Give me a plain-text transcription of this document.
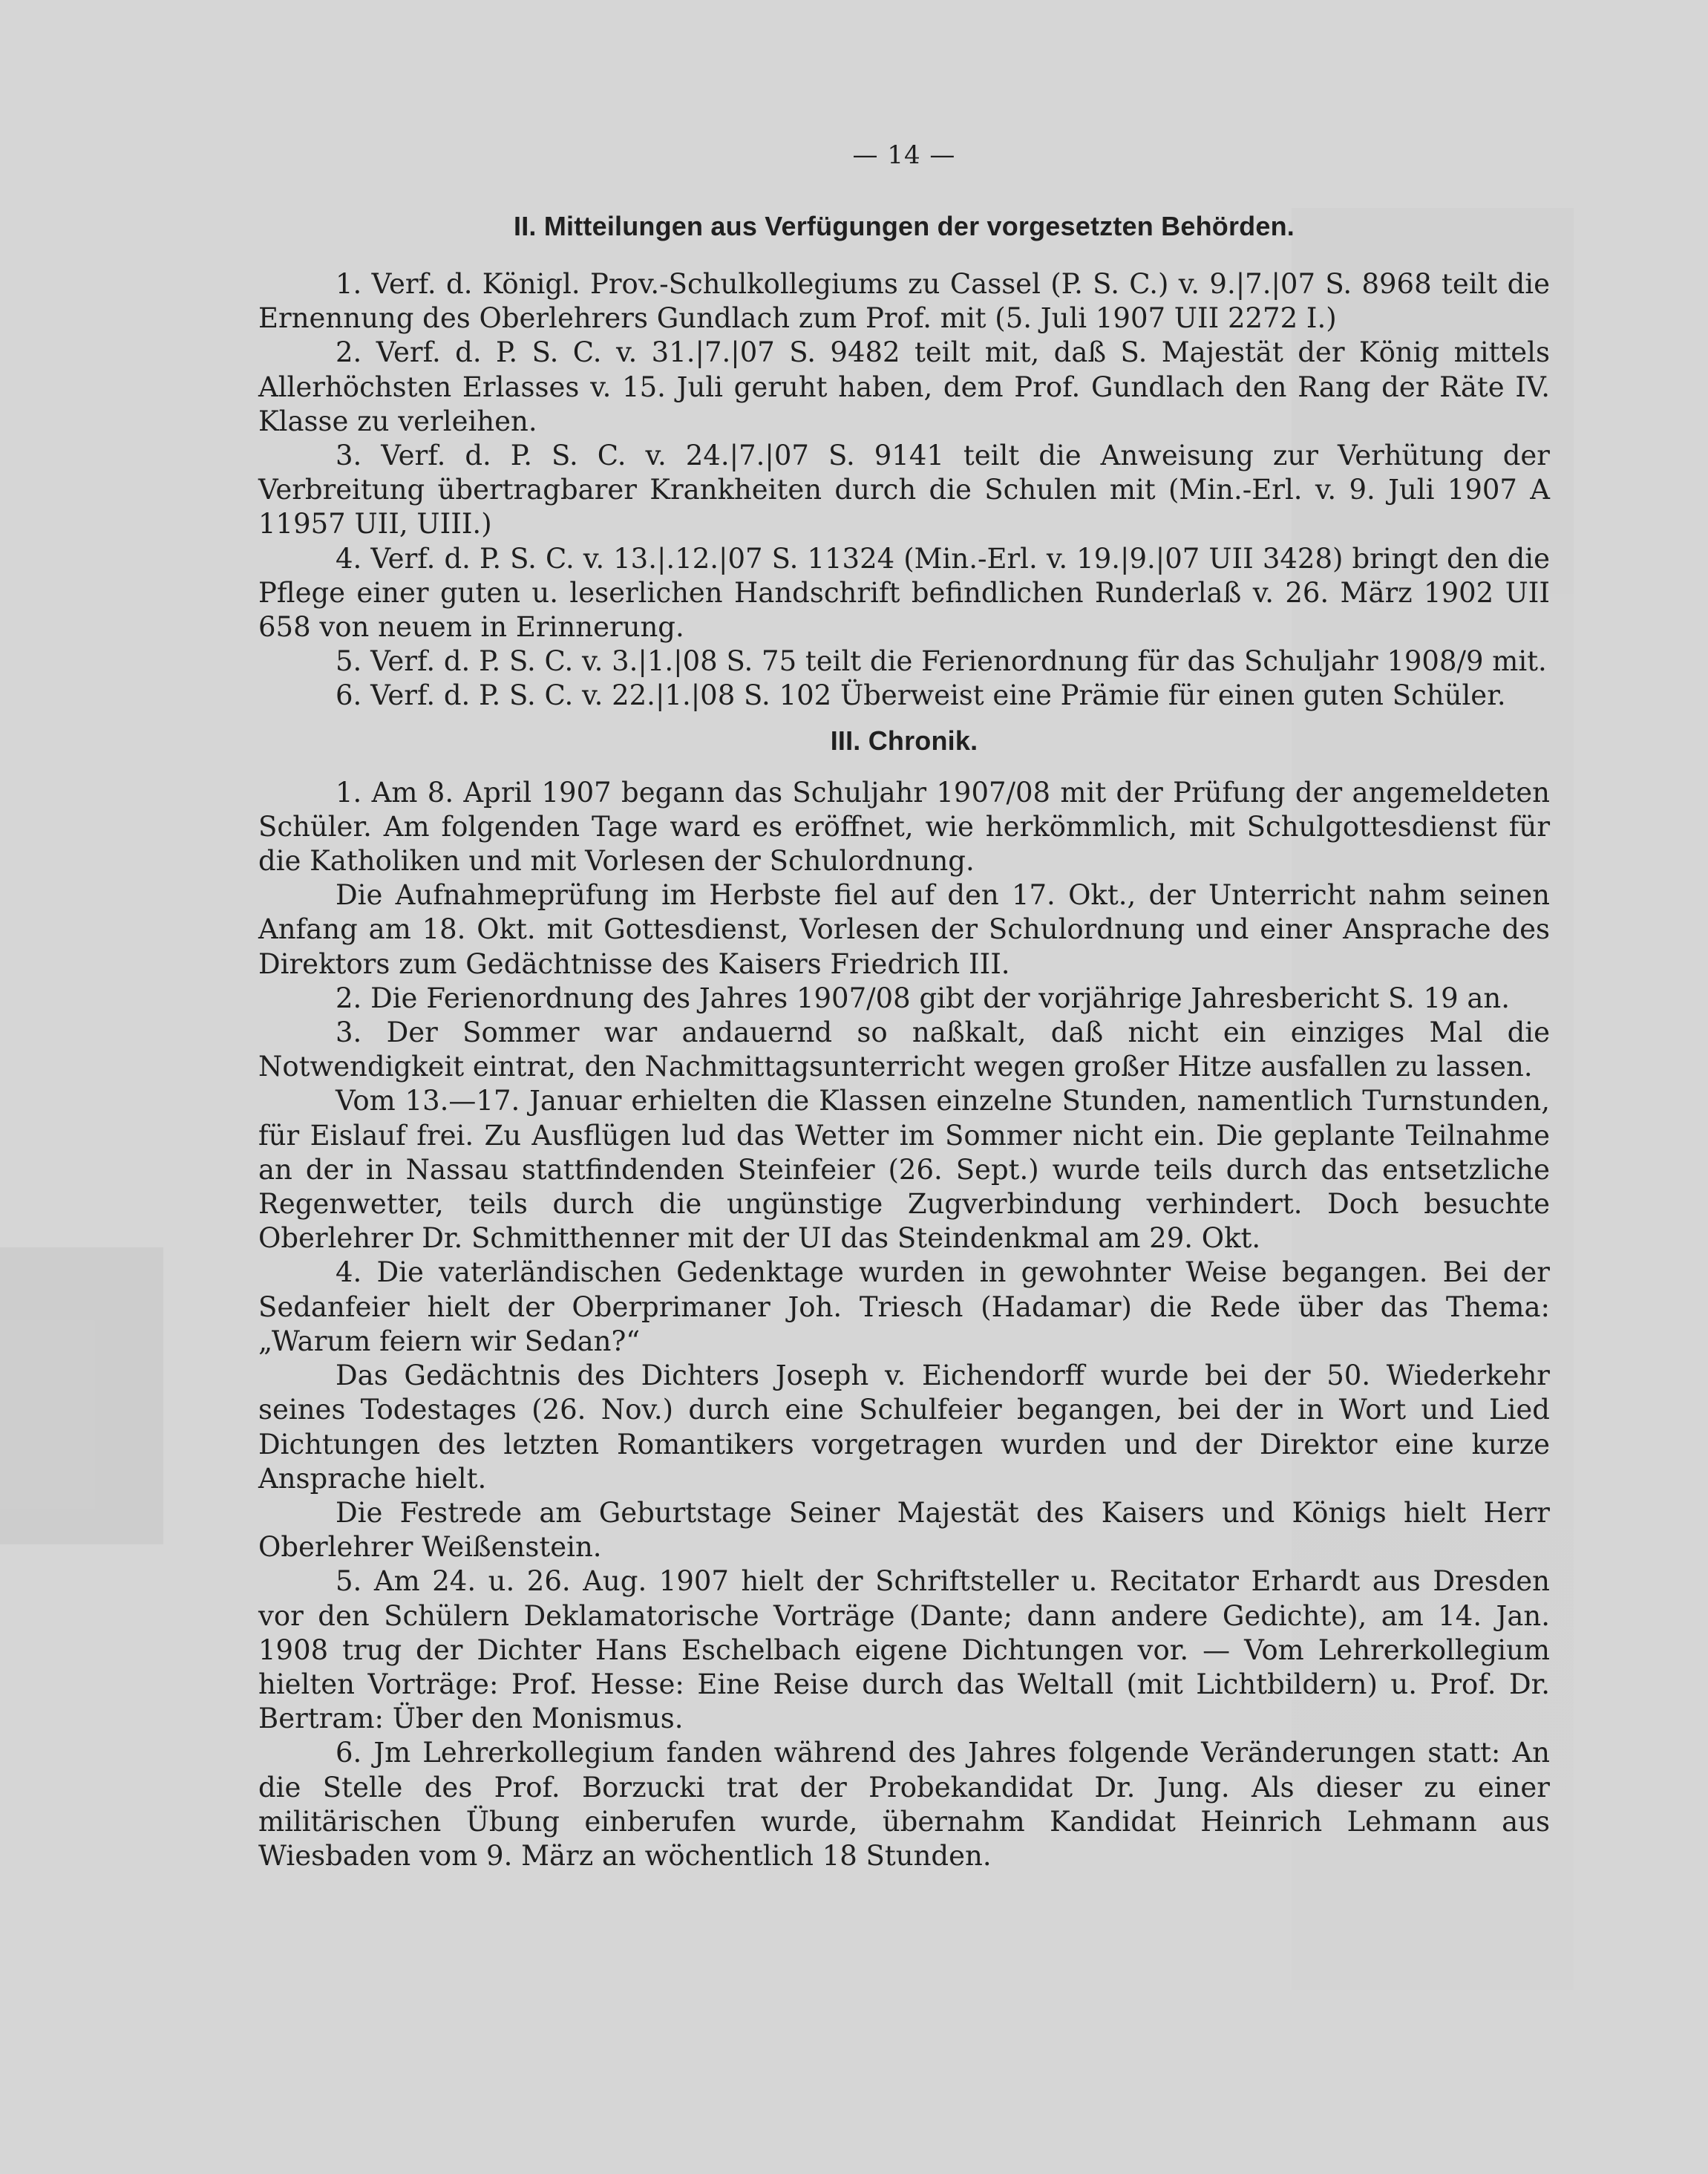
— 14 —
II. Mitteilungen aus Verfügungen der vorgesetzten Behörden.

1. Verf. d. Königl. Prov.-Schulkollegiums zu Cassel (P. S. C.) v. 9.|7.|07 S. 8968 teilt die Ernennung des Oberlehrers Gundlach zum Prof. mit (5. Juli 1907 UII 2272 I.)

2. Verf. d. P. S. C. v. 31.|7.|07 S. 9482 teilt mit, daß S. Majestät der König mittels Allerhöchsten Erlasses v. 15. Juli geruht haben, dem Prof. Gundlach den Rang der Räte IV. Klasse zu verleihen.

3. Verf. d. P. S. C. v. 24.|7.|07 S. 9141 teilt die Anweisung zur Verhütung der Verbreitung übertragbarer Krankheiten durch die Schulen mit (Min.-Erl. v. 9. Juli 1907 A 11957 UII, UIII.)

4. Verf. d. P. S. C. v. 13.|.12.|07 S. 11324 (Min.-Erl. v. 19.|9.|07 UII 3428) bringt den die Pflege einer guten u. leserlichen Handschrift befindlichen Runderlaß v. 26. März 1902 UII 658 von neuem in Erinnerung.

5. Verf. d. P. S. C. v. 3.|1.|08 S. 75 teilt die Ferienordnung für das Schuljahr 1908/9 mit.

6. Verf. d. P. S. C. v. 22.|1.|08 S. 102 Überweist eine Prämie für einen guten Schüler.

III. Chronik.

1. Am 8. April 1907 begann das Schuljahr 1907/08 mit der Prüfung der angemeldeten Schüler. Am folgenden Tage ward es eröffnet, wie herkömmlich, mit Schulgottesdienst für die Katholiken und mit Vorlesen der Schulordnung.

Die Aufnahmeprüfung im Herbste fiel auf den 17. Okt., der Unterricht nahm seinen Anfang am 18. Okt. mit Gottesdienst, Vorlesen der Schulordnung und einer Ansprache des Direktors zum Gedächtnisse des Kaisers Friedrich III.

2. Die Ferienordnung des Jahres 1907/08 gibt der vorjährige Jahresbericht S. 19 an.

3. Der Sommer war andauernd so naßkalt, daß nicht ein einziges Mal die Notwendigkeit eintrat, den Nachmittagsunterricht wegen großer Hitze ausfallen zu lassen.

Vom 13.—17. Januar erhielten die Klassen einzelne Stunden, namentlich Turnstunden, für Eislauf frei. Zu Ausflügen lud das Wetter im Sommer nicht ein. Die geplante Teilnahme an der in Nassau stattfindenden Steinfeier (26. Sept.) wurde teils durch das entsetzliche Regenwetter, teils durch die ungünstige Zugverbindung verhindert. Doch besuchte Oberlehrer Dr. Schmitthenner mit der UI das Steindenkmal am 29. Okt.

4. Die vaterländischen Gedenktage wurden in gewohnter Weise begangen. Bei der Sedanfeier hielt der Oberprimaner Joh. Triesch (Hadamar) die Rede über das Thema: „Warum feiern wir Sedan?“

Das Gedächtnis des Dichters Joseph v. Eichendorff wurde bei der 50. Wiederkehr seines Todestages (26. Nov.) durch eine Schulfeier begangen, bei der in Wort und Lied Dichtungen des letzten Romantikers vorgetragen wurden und der Direktor eine kurze Ansprache hielt.

Die Festrede am Geburtstage Seiner Majestät des Kaisers und Königs hielt Herr Oberlehrer Weißenstein.

5. Am 24. u. 26. Aug. 1907 hielt der Schriftsteller u. Recitator Erhardt aus Dresden vor den Schülern Deklamatorische Vorträge (Dante; dann andere Gedichte), am 14. Jan. 1908 trug der Dichter Hans Eschelbach eigene Dichtungen vor. — Vom Lehrerkollegium hielten Vorträge: Prof. Hesse: Eine Reise durch das Weltall (mit Lichtbildern) u. Prof. Dr. Bertram: Über den Monismus.

6. Jm Lehrerkollegium fanden während des Jahres folgende Veränderungen statt: An die Stelle des Prof. Borzucki trat der Probekandidat Dr. Jung. Als dieser zu einer militärischen Übung einberufen wurde, übernahm Kandidat Heinrich Lehmann aus Wiesbaden vom 9. März an wöchentlich 18 Stunden.
